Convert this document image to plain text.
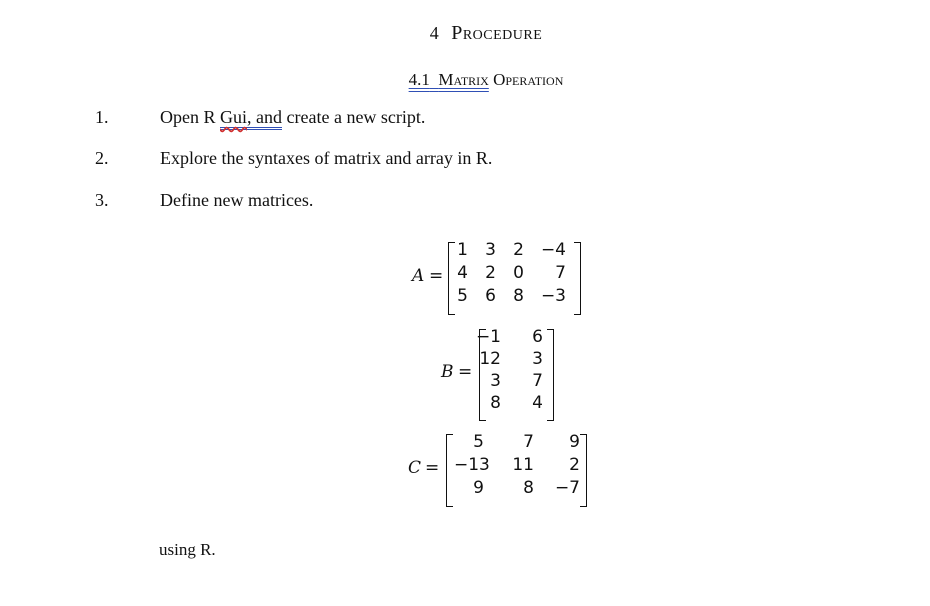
4 Procedure
4.1 Matrix Operation
1.	Open R Gui, and create a new script.
2.	Explore the syntaxes of matrix and array in R.
3.	Define new matrices.
A =
1	3	2 −4
4	2	0	7
5	6	8 −3
B =
−1	6
12	3
3	7
8	4
C =
5	7	9
−13	11	2
9	8 −7
using R.
